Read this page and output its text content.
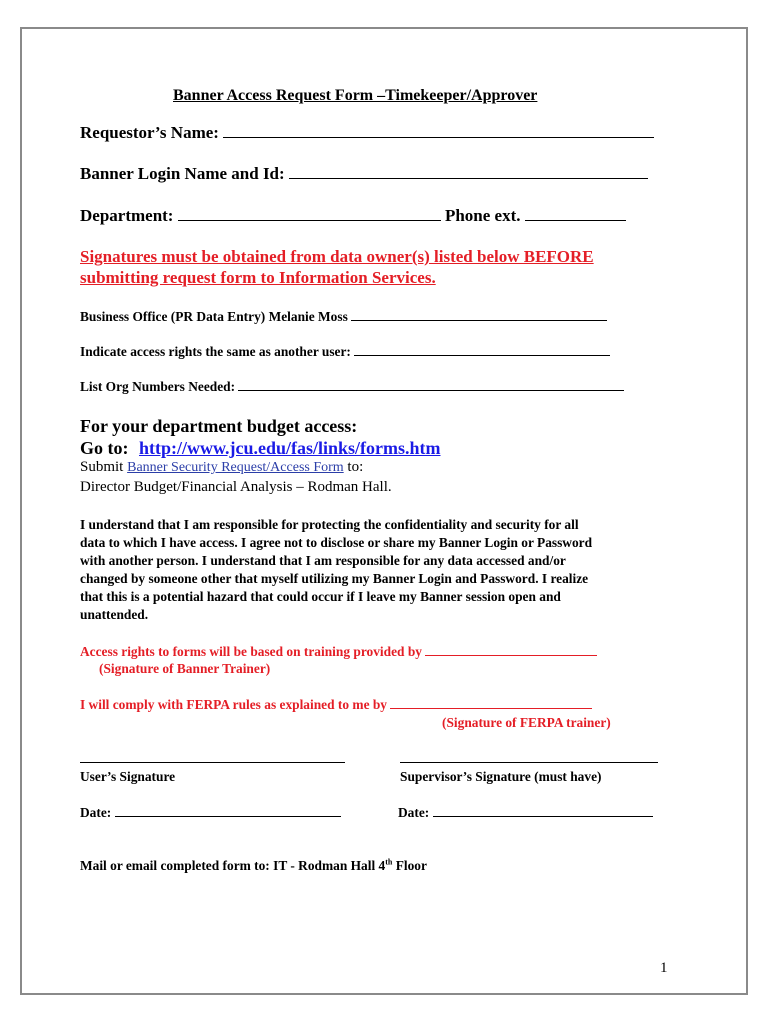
Banner Access Request Form –Timekeeper/Approver
Requestor’s Name:
Banner Login Name and Id:
Department:	Phone ext.
Signatures must be obtained from data owner(s) listed below BEFORE
submitting request form to Information Services.
Business Office (PR Data Entry) Melanie Moss
Indicate access rights the same as another user:
List Org Numbers Needed:
For your department budget access:
Go to: http://www.jcu.edu/fas/links/forms.htm
Submit Banner Security Request/Access Form to:
Director Budget/Financial Analysis – Rodman Hall.
I understand that I am responsible for protecting the confidentiality and security for all
data to which I have access. I agree not to disclose or share my Banner Login or Password
with another person. I understand that I am responsible for any data accessed and/or
changed by someone other that myself utilizing my Banner Login and Password. I realize
that this is a potential hazard that could occur if I leave my Banner session open and
unattended.
Access rights to forms will be based on training provided by
(Signature of Banner Trainer)
I will comply with FERPA rules as explained to me by
(Signature of FERPA trainer)
User’s Signature	Supervisor’s Signature (must have)
Date:	Date:
Mail or email completed form to: IT - Rodman Hall 4th Floor
1
